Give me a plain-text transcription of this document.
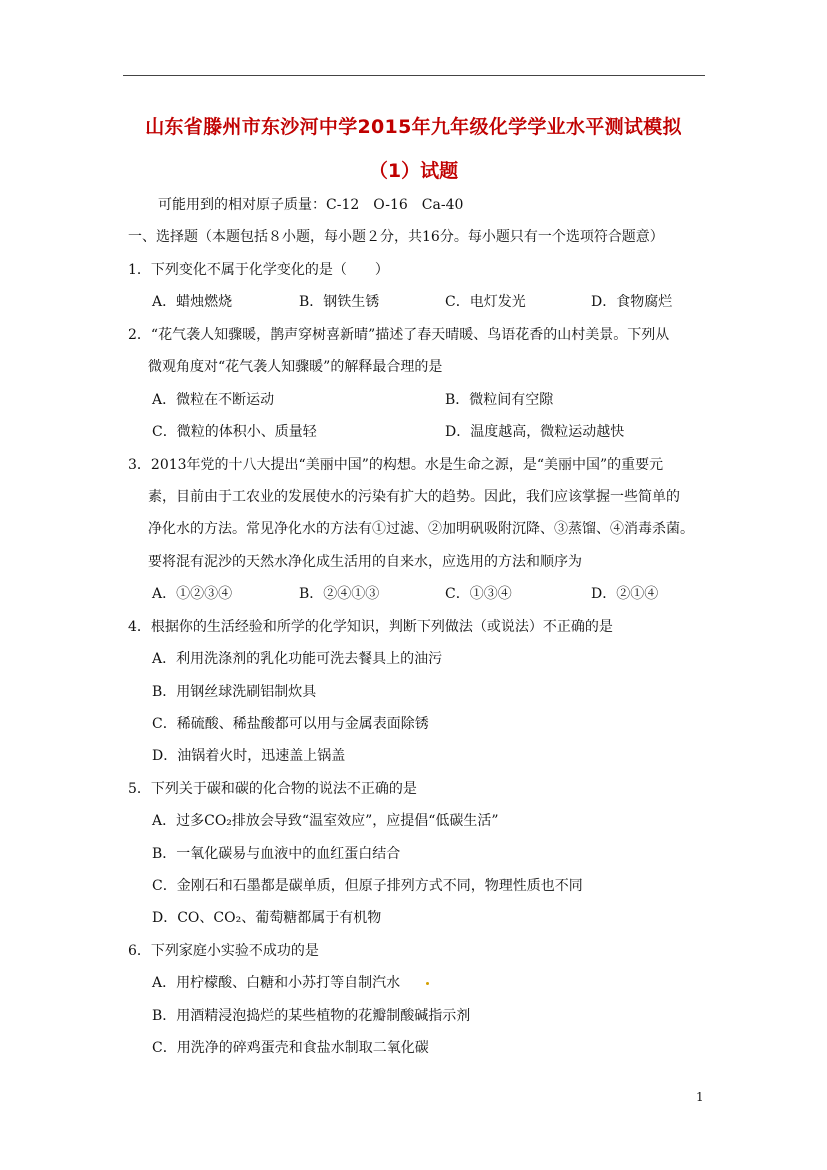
山东省滕州市东沙河中学2015年九年级化学学业水平测试模拟
（1）试题
可能用到的相对原子质量：C-12　O-16　Ca-40
一、选择题（本题包括８小题，每小题２分，共16分。每小题只有一个选项符合题意）
1．下列变化不属于化学变化的是（　　）
A．蜡烛燃烧	B．钢铁生锈	C．电灯发光	D．食物腐烂
2．“花气袭人知骤暖，鹊声穿树喜新晴”描述了春天晴暖、鸟语花香的山村美景。下列从
微观角度对“花气袭人知骤暖”的解释最合理的是
A．微粒在不断运动	B．微粒间有空隙
C．微粒的体积小、质量轻	D．温度越高，微粒运动越快
3．2013年党的十八大提出“美丽中国”的构想。水是生命之源，是“美丽中国”的重要元
素，目前由于工农业的发展使水的污染有扩大的趋势。因此，我们应该掌握一些简单的
净化水的方法。常见净化水的方法有①过滤、②加明矾吸附沉降、③蒸馏、④消毒杀菌。
要将混有泥沙的天然水净化成生活用的自来水，应选用的方法和顺序为
A．①②③④	B．②④①③	C．①③④	D．②①④
4．根据你的生活经验和所学的化学知识，判断下列做法（或说法）不正确的是
A．利用洗涤剂的乳化功能可洗去餐具上的油污
B．用钢丝球洗刷铝制炊具
C．稀硫酸、稀盐酸都可以用与金属表面除锈
D．油锅着火时，迅速盖上锅盖
5．下列关于碳和碳的化合物的说法不正确的是
A．过多CO₂排放会导致“温室效应”，应提倡“低碳生活”
B．一氧化碳易与血液中的血红蛋白结合
C．金刚石和石墨都是碳单质，但原子排列方式不同，物理性质也不同
D．CO、CO₂、葡萄糖都属于有机物
6．下列家庭小实验不成功的是
A．用柠檬酸、白糖和小苏打等自制汽水
B．用酒精浸泡捣烂的某些植物的花瓣制酸碱指示剂
C．用洗净的碎鸡蛋壳和食盐水制取二氧化碳
1
